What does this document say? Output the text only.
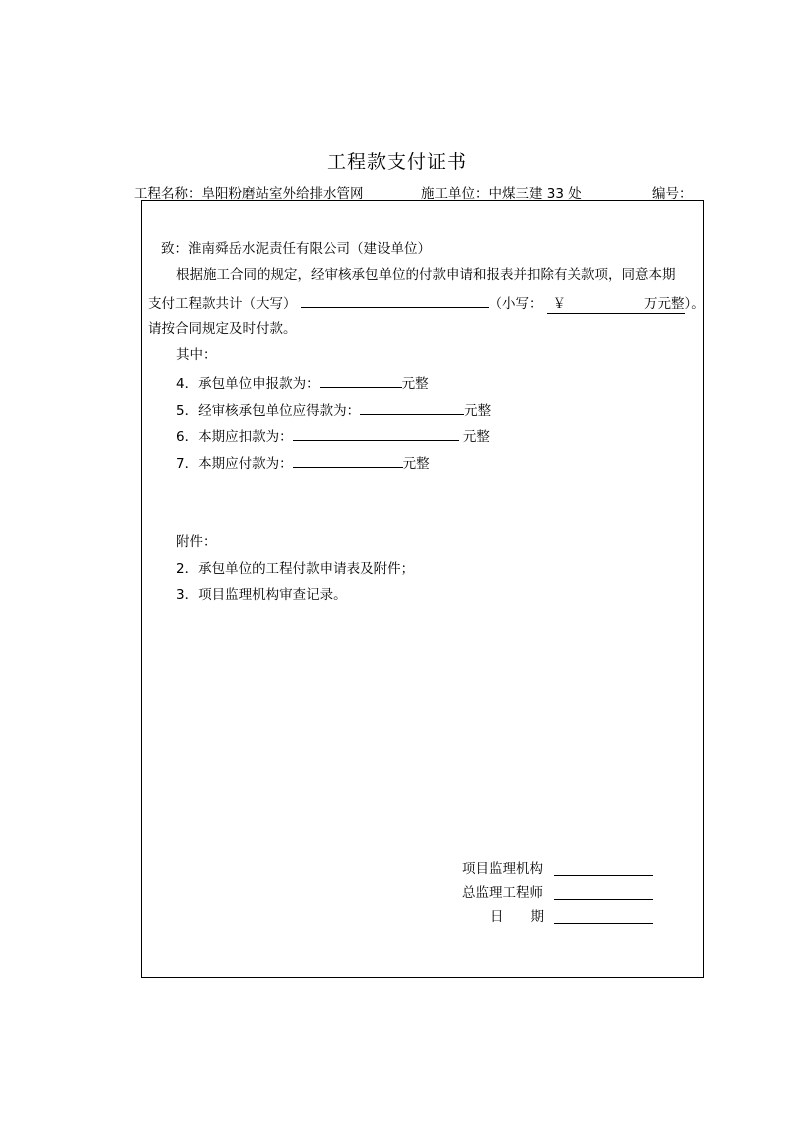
工程款支付证书
工程名称：阜阳粉磨站室外给排水管网	施工单位：中煤三建 33 处	编号：
致：淮南舜岳水泥责任有限公司（建设单位）
根据施工合同的规定，经审核承包单位的付款申请和报表并扣除有关款项，同意本期
支付工程款共计（大写）	（小写： ￥	万元整 ）。
请按合同规定及时付款。
其中：
4．承包单位申报款为：	元整
5．经审核承包单位应得款为：	元整
6．本期应扣款为：	元整
7．本期应付款为：	元整
附件：
2．承包单位的工程付款申请表及附件；
3．项目监理机构审查记录。
项目监理机构
总监理工程师
日　　期
